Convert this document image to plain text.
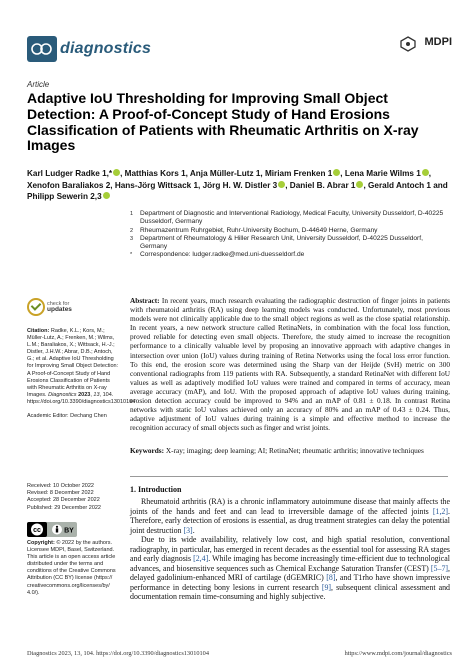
diagnostics	MDPI
Article
Adaptive IoU Thresholding for Improving Small Object Detection: A Proof-of-Concept Study of Hand Erosions Classification of Patients with Rheumatic Arthritis on X-ray Images
Karl Ludger Radke 1,* , Matthias Kors 1, Anja Müller-Lutz 1, Miriam Frenken 1 , Lena Marie Wilms 1 , Xenofon Baraliakos 2, Hans-Jörg Wittsack 1, Jörg H. W. Distler 3 , Daniel B. Abrar 1 , Gerald Antoch 1 and Philipp Sewerin 2,3
1	Department of Diagnostic and Interventional Radiology, Medical Faculty, University Dusseldorf, D-40225 Dusseldorf, Germany
2	Rheumazentrum Ruhrgebiet, Ruhr-University Bochum, D-44649 Herne, Germany
3	Department of Rheumatology & Hiller Research Unit, University Dusseldorf, D-40225 Dusseldorf, Germany
*	Correspondence: ludger.radke@med.uni-duesseldorf.de
check for
updates
Citation: Radke, K.L.; Kors, M.; Müller-Lutz, A.; Frenken, M.; Wilms, L.M.; Baraliakos, X.; Wittsack, H.-J.; Distler, J.H.W.; Abrar, D.B.; Antoch, G.; et al. Adaptive IoU Thresholding for Improving Small Object Detection: A Proof-of-Concept Study of Hand Erosions Classification of Patients with Rheumatic Arthritis on X-ray Images. Diagnostics 2023, 13, 104. https://doi.org/10.3390/diagnostics13010104

Academic Editor: Dechang Chen
Received: 10 October 2022
Revised: 8 December 2022
Accepted: 28 December 2022
Published: 29 December 2022
cc	BY
Copyright: © 2022 by the authors. Licensee MDPI, Basel, Switzerland. This article is an open access article distributed under the terms and conditions of the Creative Commons Attribution (CC BY) license (https:// creativecommons.org/licenses/by/ 4.0/).
Abstract: In recent years, much research evaluating the radiographic destruction of finger joints in patients with rheumatoid arthritis (RA) using deep learning models was conducted. Unfortunately, most previous models were not clinically applicable due to the small object regions as well as the close spatial relationship. In recent years, a new network structure called RetinaNets, in combination with the focal loss function, proved reliable for detecting even small objects. Therefore, the study aimed to increase the recognition performance to a clinically valuable level by proposing an innovative approach with adaptive changes in intersection over union (IoU) values during training of Retina Networks using the focal loss error function. To this end, the erosion score was determined using the Sharp van der Heijde (SvH) metric on 300 conventional radiographs from 119 patients with RA. Subsequently, a standard RetinaNet with different IoU values as well as adaptively modified IoU values were trained and compared in terms of accuracy, mean average accuracy (mAP), and IoU. With the proposed approach of adaptive IoU values during training, erosion detection accuracy could be improved to 94% and an mAP of 0.81 ± 0.18. In contrast Retina networks with static IoU values achieved only an accuracy of 80% and an mAP of 0.43 ± 0.24. Thus, adaptive adjustment of IoU values during training is a simple and effective method to increase the recognition accuracy of small objects such as finger and wrist joints.
Keywords: X-ray; imaging; deep learning; AI; RetinaNet; rheumatic arthritis; innovative techniques
1. Introduction

Rheumatoid arthritis (RA) is a chronic inflammatory autoimmune disease that mainly affects the joints of the hands and feet and can lead to irreversible damage of the affected joints [1,2]. Therefore, early detection of erosions is essential, as drug treatment strategies can delay the potential joint destruction [3].

Due to its wide availability, relatively low cost, and high spatial resolution, conventional radiography, in particular, has emerged in recent decades as the essential tool for assessing RA stages and early diagnosis [2,4]. While imaging has become increasingly time-efficient due to technological advances, and biosensitive sequences such as Chemical Exchange Saturation Transfer (CEST) [5–7], delayed gadolinium-enhanced MRI of cartilage (dGEMRIC) [8], and T1rho have shown impressive performance in detecting bony lesions in current research [9], subsequent clinical assessment and documentation remain time-consuming and highly subjective.

Diagnostics 2023, 13, 104. https://doi.org/10.3390/diagnostics13010104	https://www.mdpi.com/journal/diagnostics
